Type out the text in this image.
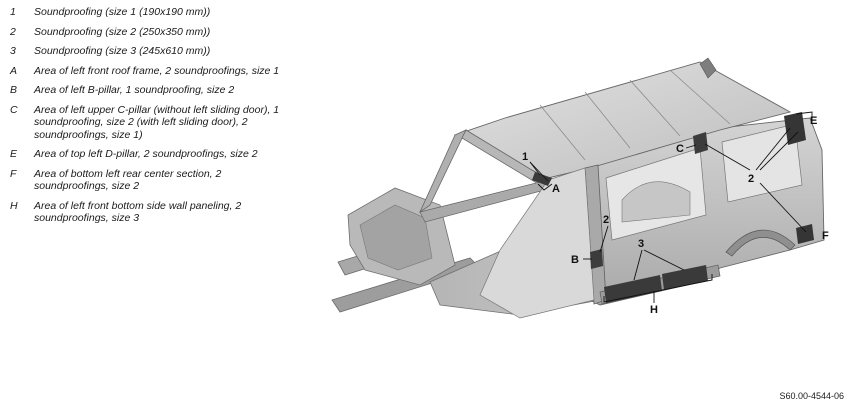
1	Soundproofing (size 1 (190x190 mm))
2	Soundproofing (size 2 (250x350 mm))
3	Soundproofing (size 3 (245x610 mm))
A	Area of left front roof frame, 2 soundproofings, size 1
B	Area of left B-pillar, 1 soundproofing, size 2
C	Area of left upper C-pillar (without left sliding door), 1 soundproofing, size 2 (with left sliding door), 2 soundproofings, size 1)
E	Area of top left D-pillar, 2 soundproofings, size 2
F	Area of bottom left rear center section, 2 soundproofings, size 2
H	Area of left front bottom side wall paneling, 2 soundproofings, size 3
1
A
C
2
E
F
2
B
3
H
S60.00-4544-06
